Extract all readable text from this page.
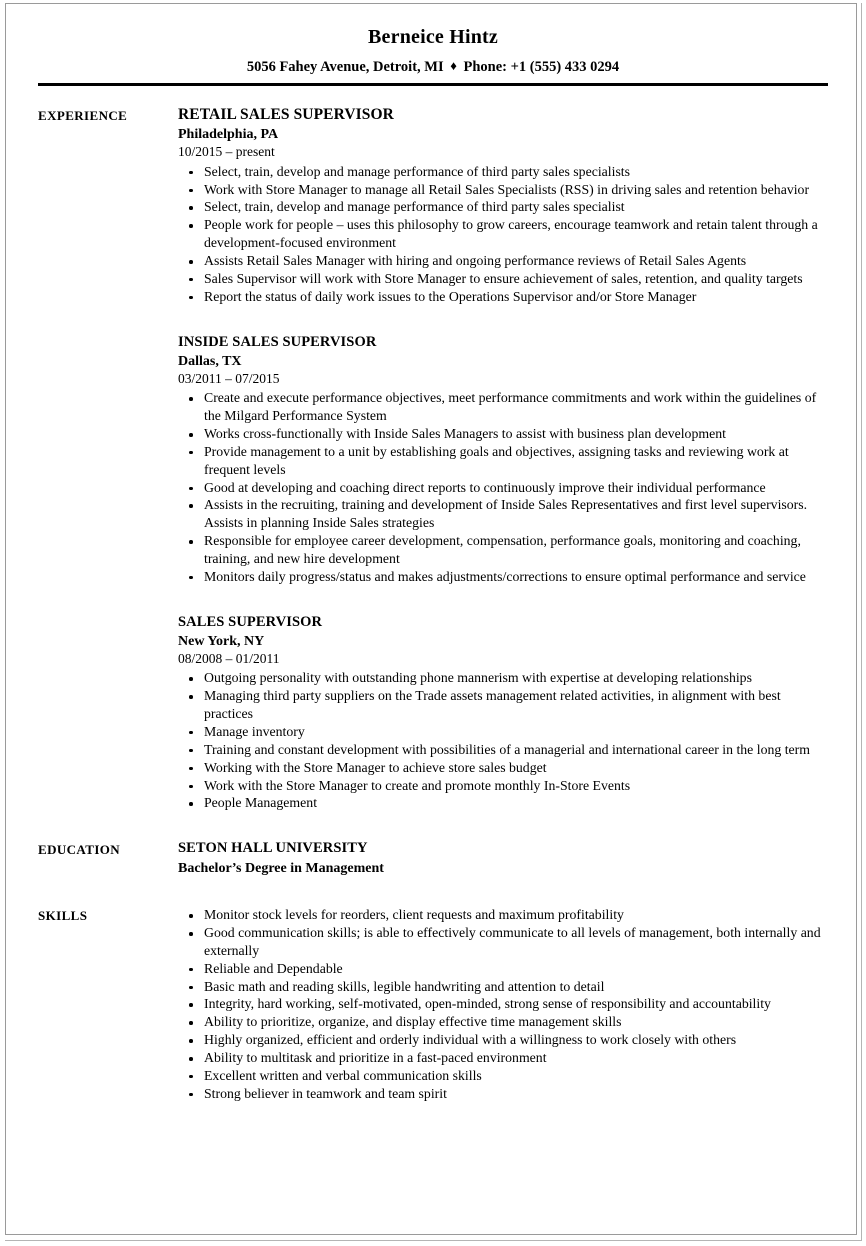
Berneice Hintz
5056 Fahey Avenue, Detroit, MI ♦ Phone: +1 (555) 433 0294
EXPERIENCE	RETAIL SALES SUPERVISOR
Philadelphia, PA
10/2015 – present
Select, train, develop and manage performance of third party sales specialists
Work with Store Manager to manage all Retail Sales Specialists (RSS) in driving sales and retention behavior
Select, train, develop and manage performance of third party sales specialist
People work for people – uses this philosophy to grow careers, encourage teamwork and retain talent through a development-focused environment
Assists Retail Sales Manager with hiring and ongoing performance reviews of Retail Sales Agents
Sales Supervisor will work with Store Manager to ensure achievement of sales, retention, and quality targets
Report the status of daily work issues to the Operations Supervisor and/or Store Manager
INSIDE SALES SUPERVISOR
Dallas, TX
03/2011 – 07/2015
Create and execute performance objectives, meet performance commitments and work within the guidelines of the Milgard Performance System
Works cross-functionally with Inside Sales Managers to assist with business plan development
Provide management to a unit by establishing goals and objectives, assigning tasks and reviewing work at frequent levels
Good at developing and coaching direct reports to continuously improve their individual performance
Assists in the recruiting, training and development of Inside Sales Representatives and first level supervisors. Assists in planning Inside Sales strategies
Responsible for employee career development, compensation, performance goals, monitoring and coaching, training, and new hire development
Monitors daily progress/status and makes adjustments/corrections to ensure optimal performance and service
SALES SUPERVISOR
New York, NY
08/2008 – 01/2011
Outgoing personality with outstanding phone mannerism with expertise at developing relationships
Managing third party suppliers on the Trade assets management related activities, in alignment with best practices
Manage inventory
Training and constant development with possibilities of a managerial and international career in the long term
Working with the Store Manager to achieve store sales budget
Work with the Store Manager to create and promote monthly In-Store Events
People Management
EDUCATION	SETON HALL UNIVERSITY
Bachelor’s Degree in Management
SKILLS	Monitor stock levels for reorders, client requests and maximum profitability
Good communication skills; is able to effectively communicate to all levels of management, both internally and externally
Reliable and Dependable
Basic math and reading skills, legible handwriting and attention to detail
Integrity, hard working, self-motivated, open-minded, strong sense of responsibility and accountability
Ability to prioritize, organize, and display effective time management skills
Highly organized, efficient and orderly individual with a willingness to work closely with others
Ability to multitask and prioritize in a fast-paced environment
Excellent written and verbal communication skills
Strong believer in teamwork and team spirit
